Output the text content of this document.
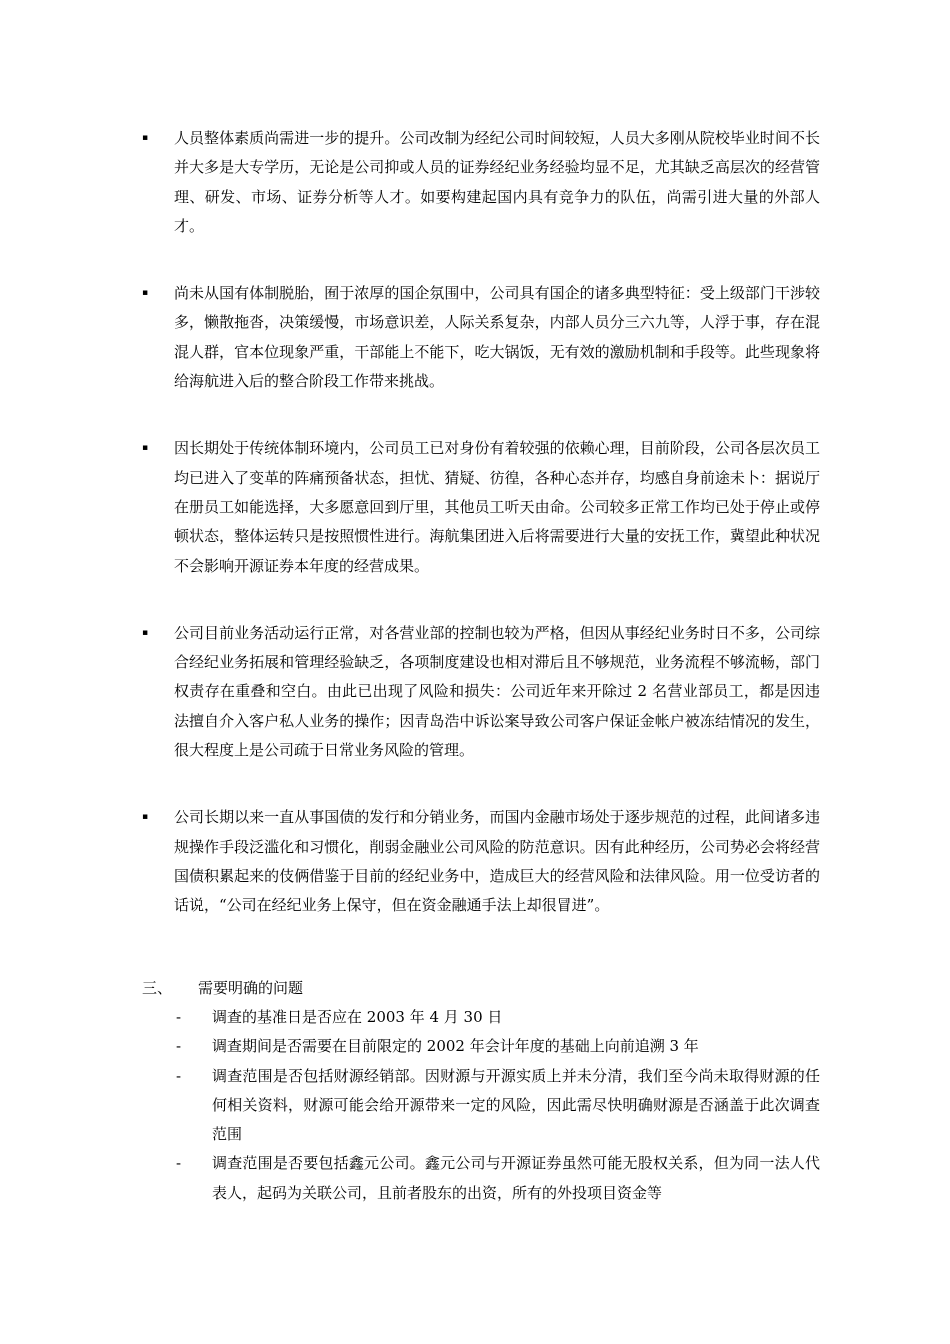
▪ 人员整体素质尚需进一步的提升。公司改制为经纪公司时间较短，人员大多刚从院校毕业时间不长并大多是大专学历，无论是公司抑或人员的证券经纪业务经验均显不足，尤其缺乏高层次的经营管理、研发、市场、证券分析等人才。如要构建起国内具有竞争力的队伍，尚需引进大量的外部人才。
▪ 尚未从国有体制脱胎，囿于浓厚的国企氛围中，公司具有国企的诸多典型特征：受上级部门干涉较多，懒散拖沓，决策缓慢，市场意识差，人际关系复杂，内部人员分三六九等，人浮于事，存在混混人群，官本位现象严重，干部能上不能下，吃大锅饭，无有效的激励机制和手段等。此些现象将给海航进入后的整合阶段工作带来挑战。
▪ 因长期处于传统体制环境内，公司员工已对身份有着较强的依赖心理，目前阶段，公司各层次员工均已进入了变革的阵痛预备状态，担忧、猜疑、彷徨，各种心态并存，均感自身前途未卜：据说厅在册员工如能选择，大多愿意回到厅里，其他员工听天由命。公司较多正常工作均已处于停止或停顿状态，整体运转只是按照惯性进行。海航集团进入后将需要进行大量的安抚工作，冀望此种状况不会影响开源证券本年度的经营成果。
▪ 公司目前业务活动运行正常，对各营业部的控制也较为严格，但因从事经纪业务时日不多，公司综合经纪业务拓展和管理经验缺乏，各项制度建设也相对滞后且不够规范，业务流程不够流畅，部门权责存在重叠和空白。由此已出现了风险和损失：公司近年来开除过 2 名营业部员工，都是因违法擅自介入客户私人业务的操作；因青岛浩中诉讼案导致公司客户保证金帐户被冻结情况的发生，很大程度上是公司疏于日常业务风险的管理。
▪ 公司长期以来一直从事国债的发行和分销业务，而国内金融市场处于逐步规范的过程，此间诸多违规操作手段泛滥化和习惯化，削弱金融业公司风险的防范意识。因有此种经历，公司势必会将经营国债积累起来的伎俩借鉴于目前的经纪业务中，造成巨大的经营风险和法律风险。用一位受访者的话说，“公司在经纪业务上保守，但在资金融通手法上却很冒进”。
三、 需要明确的问题
- 调查的基准日是否应在 2003 年 4 月 30 日
- 调查期间是否需要在目前限定的 2002 年会计年度的基础上向前追溯 3 年
- 调查范围是否包括财源经销部。因财源与开源实质上并未分清，我们至今尚未取得财源的任何相关资料，财源可能会给开源带来一定的风险，因此需尽快明确财源是否涵盖于此次调查范围
- 调查范围是否要包括鑫元公司。鑫元公司与开源证券虽然可能无股权关系，但为同一法人代表人，起码为关联公司，且前者股东的出资，所有的外投项目资金等
